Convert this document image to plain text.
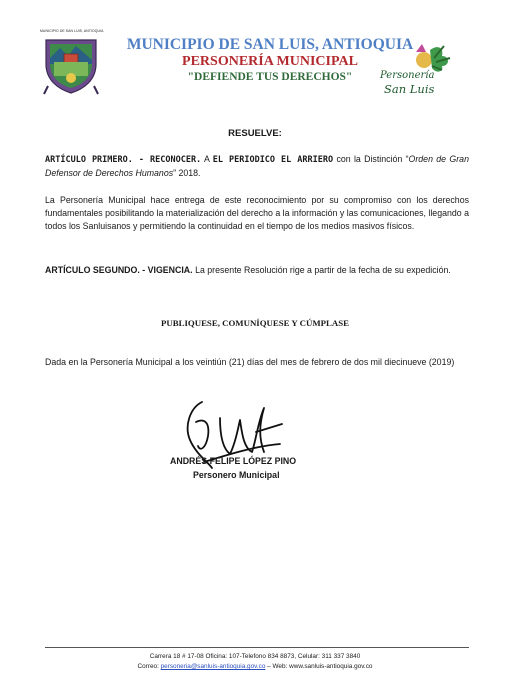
MUNICIPIO DE SAN LUIS, ANTIOQUIA
MUNICIPIO DE SAN LUIS, ANTIOQUIA
PERSONERÍA MUNICIPAL
"DEFIENDE TUS DERECHOS"	Personería
San Luis
RESUELVE:
ARTÍCULO PRIMERO. - RECONOCER. A EL PERIODICO EL ARRIERO con la Distinción “Orden de Gran Defensor de Derechos Humanos” 2018.
La Personería Municipal hace entrega de este reconocimiento por su compromiso con los derechos fundamentales posibilitando la materialización del derecho a la información y las comunicaciones, llegando a todos los Sanluisanos y permitiendo la continuidad en el tiempo de los medios masivos físicos.
ARTÍCULO SEGUNDO. - VIGENCIA. La presente Resolución rige a partir de la fecha de su expedición.
PUBLIQUESE, COMUNÍQUESE Y CÚMPLASE
Dada en la Personería Municipal a los veintiún (21) días del mes de febrero de dos mil diecinueve (2019)
ANDRÉS FELIPE LÓPEZ PINO
Personero Municipal
Carrera 18 # 17-08 Oficina: 107-Telefono 834 8873, Celular: 311 337 3840
Correo: personeria@sanluis-antioquia.gov.co – Web: www.sanluis-antioquia.gov.co
